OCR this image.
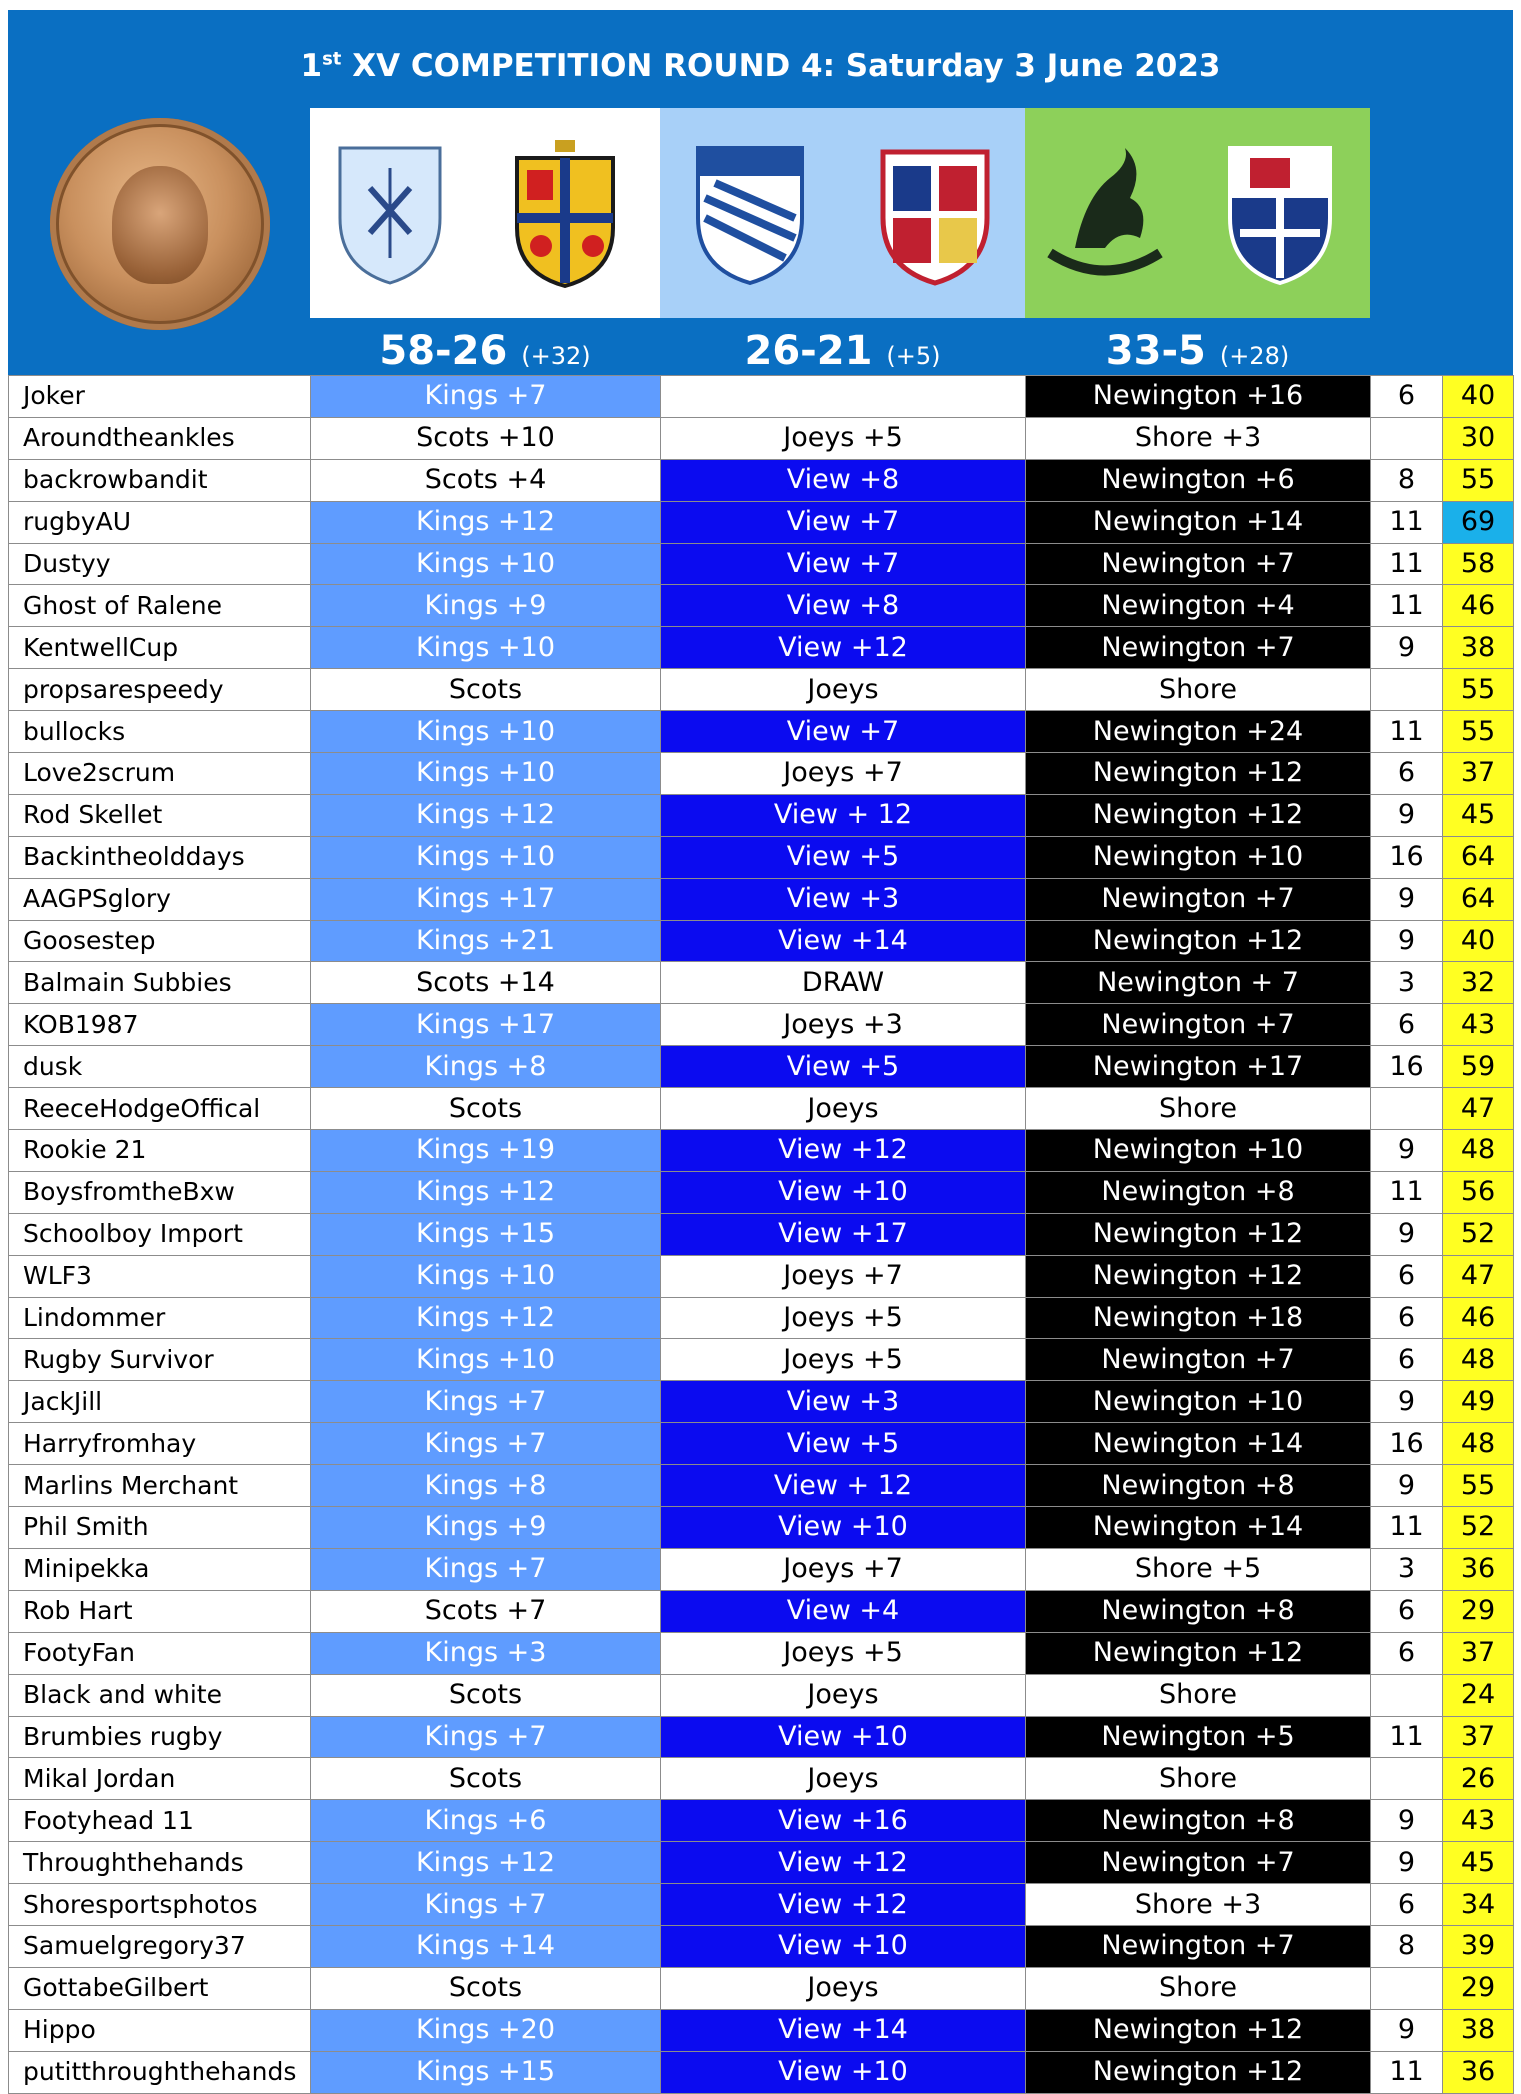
1st XV COMPETITION ROUND 4: Saturday 3 June 2023
58-26 (+32)	26-21 (+5)	33-5 (+28)
Joker	Kings +7		Newington +16	6	40
Aroundtheankles	Scots +10	Joeys +5	Shore +3		30
backrowbandit	Scots +4	View +8	Newington +6	8	55
rugbyAU	Kings +12	View +7	Newington +14	11	69
Dustyy	Kings +10	View +7	Newington +7	11	58
Ghost of Ralene	Kings +9	View +8	Newington +4	11	46
KentwellCup	Kings +10	View +12	Newington +7	9	38
propsarespeedy	Scots	Joeys	Shore		55
bullocks	Kings +10	View +7	Newington +24	11	55
Love2scrum	Kings +10	Joeys +7	Newington +12	6	37
Rod Skellet	Kings +12	View + 12	Newington +12	9	45
Backintheolddays	Kings +10	View +5	Newington +10	16	64
AAGPSglory	Kings +17	View +3	Newington +7	9	64
Goosestep	Kings +21	View +14	Newington +12	9	40
Balmain Subbies	Scots +14	DRAW	Newington + 7	3	32
KOB1987	Kings +17	Joeys +3	Newington +7	6	43
dusk	Kings +8	View +5	Newington +17	16	59
ReeceHodgeOffical	Scots	Joeys	Shore		47
Rookie 21	Kings +19	View +12	Newington +10	9	48
BoysfromtheBxw	Kings +12	View +10	Newington +8	11	56
Schoolboy Import	Kings +15	View +17	Newington +12	9	52
WLF3	Kings +10	Joeys +7	Newington +12	6	47
Lindommer	Kings +12	Joeys +5	Newington +18	6	46
Rugby Survivor	Kings +10	Joeys +5	Newington +7	6	48
JackJill	Kings +7	View +3	Newington +10	9	49
Harryfromhay	Kings +7	View +5	Newington +14	16	48
Marlins Merchant	Kings +8	View + 12	Newington +8	9	55
Phil Smith	Kings +9	View +10	Newington +14	11	52
Minipekka	Kings +7	Joeys +7	Shore +5	3	36
Rob Hart	Scots +7	View +4	Newington +8	6	29
FootyFan	Kings +3	Joeys +5	Newington +12	6	37
Black and white	Scots	Joeys	Shore		24
Brumbies rugby	Kings +7	View +10	Newington +5	11	37
Mikal Jordan	Scots	Joeys	Shore		26
Footyhead 11	Kings +6	View +16	Newington +8	9	43
Throughthehands	Kings +12	View +12	Newington +7	9	45
Shoresportsphotos	Kings +7	View +12	Shore +3	6	34
Samuelgregory37	Kings +14	View +10	Newington +7	8	39
GottabeGilbert	Scots	Joeys	Shore		29
Hippo	Kings +20	View +14	Newington +12	9	38
putitthroughthehands	Kings +15	View +10	Newington +12	11	36
